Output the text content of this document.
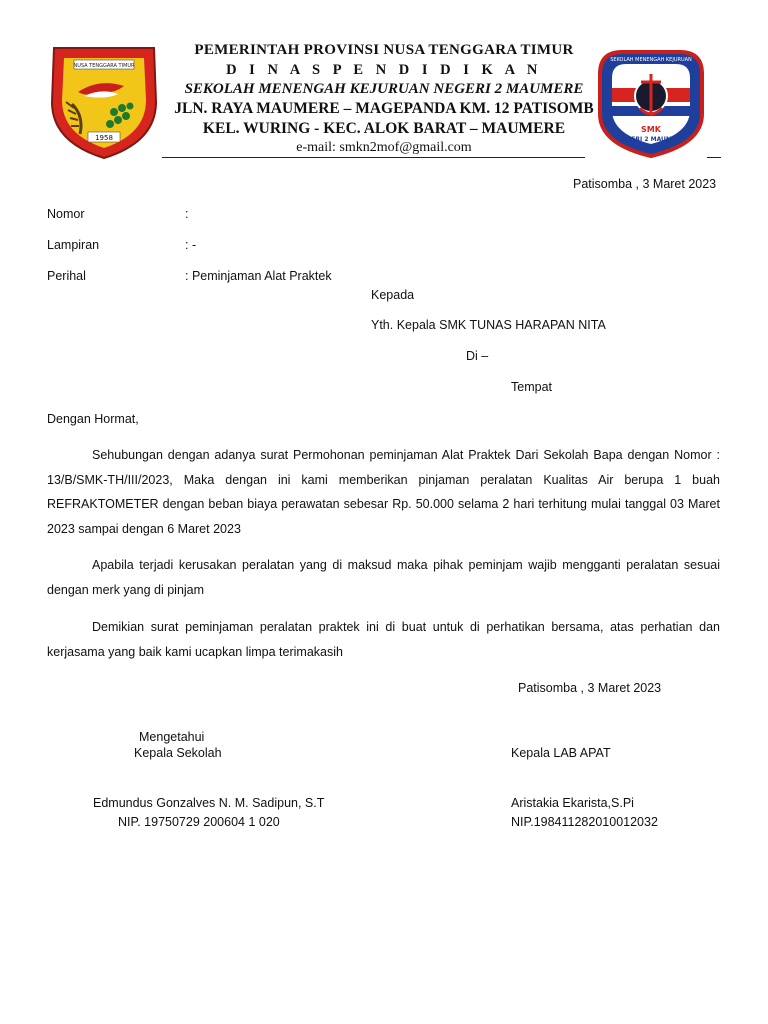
NUSA TENGGARA TIMUR
1958
SEKOLAH MENENGAH KEJURUAN
SMK
NEGERI 2 MAUMERE
PEMERINTAH PROVINSI NUSA TENGGARA TIMUR
D I N A S P E N D I D I K A N
SEKOLAH MENENGAH KEJURUAN NEGERI 2 MAUMERE
JLN. RAYA MAUMERE – MAGEPANDA KM. 12 PATISOMB
KEL. WURING - KEC. ALOK BARAT – MAUMERE
e-mail: smkn2mof@gmail.com
Patisomba , 3 Maret 2023
Nomor	:
Lampiran	: -
Perihal	: Peminjaman Alat Praktek
Kepada
Yth. Kepala SMK TUNAS HARAPAN NITA
Di –
Tempat
Dengan Hormat,

Sehubungan dengan adanya surat Permohonan peminjaman Alat Praktek Dari Sekolah Bapa dengan Nomor : 13/B/SMK-TH/III/2023, Maka dengan ini kami memberikan pinjaman peralatan Kualitas Air berupa 1 buah REFRAKTOMETER dengan beban biaya perawatan sebesar Rp. 50.000 selama 2 hari terhitung mulai tanggal 03 Maret 2023 sampai dengan 6 Maret 2023

Apabila terjadi kerusakan peralatan yang di maksud maka pihak peminjam wajib mengganti peralatan sesuai dengan merk yang di pinjam

Demikian surat peminjaman peralatan praktek ini di buat untuk di perhatikan bersama, atas perhatian dan kerjasama yang baik kami ucapkan limpa terimakasih

Patisomba , 3 Maret 2023
Mengetahui
Kepala Sekolah	Kepala LAB APAT
Edmundus Gonzalves N. M. Sadipun, S.T
NIP. 19750729 200604 1 020
Aristakia Ekarista,S.Pi
NIP.198411282010012032
